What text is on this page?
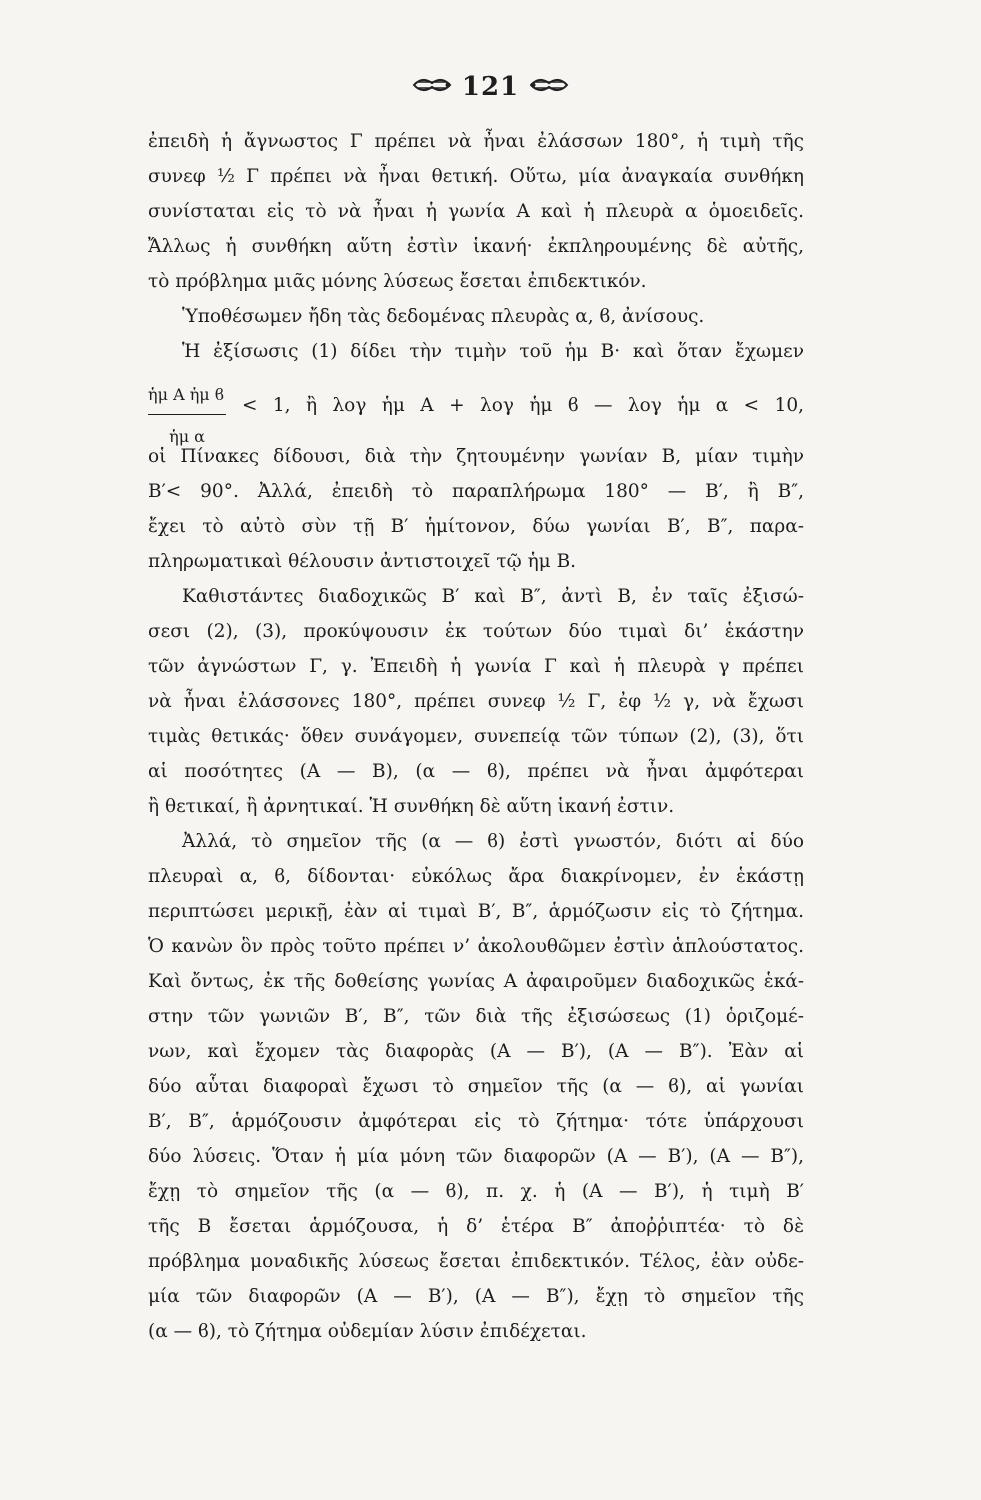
121
ἐπειδὴ ἡ ἄγνωστος Γ πρέπει νὰ ἦναι ἐλάσσων 180°, ἡ τιμὴ τῆς
συνεφ ½ Γ πρέπει νὰ ἦναι θετική. Οὕτω, μία ἀναγκαία συνθήκη
συνίσταται εἰς τὸ νὰ ἦναι ἡ γωνία Α καὶ ἡ πλευρὰ α ὁμοειδεῖς.
Ἄλλως ἡ συνθήκη αὕτη ἐστὶν ἱκανή· ἐκπληρουμένης δὲ αὐτῆς,
τὸ πρόβλημα μιᾶς μόνης λύσεως ἔσεται ἐπιδεκτικόν.
Ὑποθέσωμεν ἤδη τὰς δεδομένας πλευρὰς α, ϐ, ἀνίσους.
Ἡ ἐξίσωσις (1) δίδει τὴν τιμὴν τοῦ ἡμ Β· καὶ ὅταν ἔχωμεν
$\frac{\text{ἡμ Α ἡμ ϐ}}{\text{ἡμ α}} < 1$, ἢ λογ ἡμ Α + λογ ἡμ ϐ — λογ ἡμ α < 10,
οἱ Πίνακες δίδουσι, διὰ τὴν ζητουμένην γωνίαν Β, μίαν τιμὴν
Β′< 90°. Ἀλλά, ἐπειδὴ τὸ παραπλήρωμα 180° — Β′, ἢ Β″,
ἔχει τὸ αὐτὸ σὺν τῇ Β′ ἡμίτονον, δύω γωνίαι Β′, Β″, παρα-
πληρωματικαὶ θέλουσιν ἀντιστοιχεῖ τῷ ἡμ Β.
Καθιστάντες διαδοχικῶς Β′ καὶ Β″, ἀντὶ Β, ἐν ταῖς ἐξισώ-
σεσι (2), (3), προκύψουσιν ἐκ τούτων δύο τιμαὶ δι’ ἑκάστην
τῶν ἀγνώστων Γ, γ. Ἐπειδὴ ἡ γωνία Γ καὶ ἡ πλευρὰ γ πρέπει
νὰ ἦναι ἐλάσσονες 180°, πρέπει συνεφ ½ Γ, ἐφ ½ γ, νὰ ἔχωσι
τιμὰς θετικάς· ὅθεν συνάγομεν, συνεπείᾳ τῶν τύπων (2), (3), ὅτι
αἱ ποσότητες (Α — Β), (α — ϐ), πρέπει νὰ ἦναι ἀμφότεραι
ἢ θετικαί, ἢ ἀρνητικαί. Ἡ συνθήκη δὲ αὕτη ἱκανή ἐστιν.
Ἀλλά, τὸ σημεῖον τῆς (α — ϐ) ἐστὶ γνωστόν, διότι αἱ δύο
πλευραὶ α, ϐ, δίδονται· εὐκόλως ἄρα διακρίνομεν, ἐν ἑκάστῃ
περιπτώσει μερικῇ, ἐὰν αἱ τιμαὶ Β′, Β″, ἁρμόζωσιν εἰς τὸ ζήτημα.
Ὁ κανὼν ὃν πρὸς τοῦτο πρέπει ν’ ἀκολουθῶμεν ἐστὶν ἁπλούστατος.
Καὶ ὄντως, ἐκ τῆς δοθείσης γωνίας Α ἀφαιροῦμεν διαδοχικῶς ἑκά-
στην τῶν γωνιῶν Β′, Β″, τῶν διὰ τῆς ἐξισώσεως (1) ὁριζομέ-
νων, καὶ ἔχομεν τὰς διαφορὰς (Α — Β′), (Α — Β″). Ἐὰν αἱ
δύο αὗται διαφοραὶ ἔχωσι τὸ σημεῖον τῆς (α — ϐ), αἱ γωνίαι
Β′, Β″, ἁρμόζουσιν ἀμφότεραι εἰς τὸ ζήτημα· τότε ὑπάρχουσι
δύο λύσεις. Ὅταν ἡ μία μόνη τῶν διαφορῶν (Α — Β′), (Α — Β″),
ἔχῃ τὸ σημεῖον τῆς (α — ϐ), π. χ. ἡ (Α — Β′), ἡ τιμὴ Β′
τῆς Β ἔσεται ἁρμόζουσα, ἡ δ’ ἑτέρα Β″ ἀποῤῥιπτέα· τὸ δὲ
πρόβλημα μοναδικῆς λύσεως ἔσεται ἐπιδεκτικόν. Τέλος, ἐὰν οὐδε-
μία τῶν διαφορῶν (Α — Β′), (Α — Β″), ἔχῃ τὸ σημεῖον τῆς
(α — ϐ), τὸ ζήτημα οὐδεμίαν λύσιν ἐπιδέχεται.
